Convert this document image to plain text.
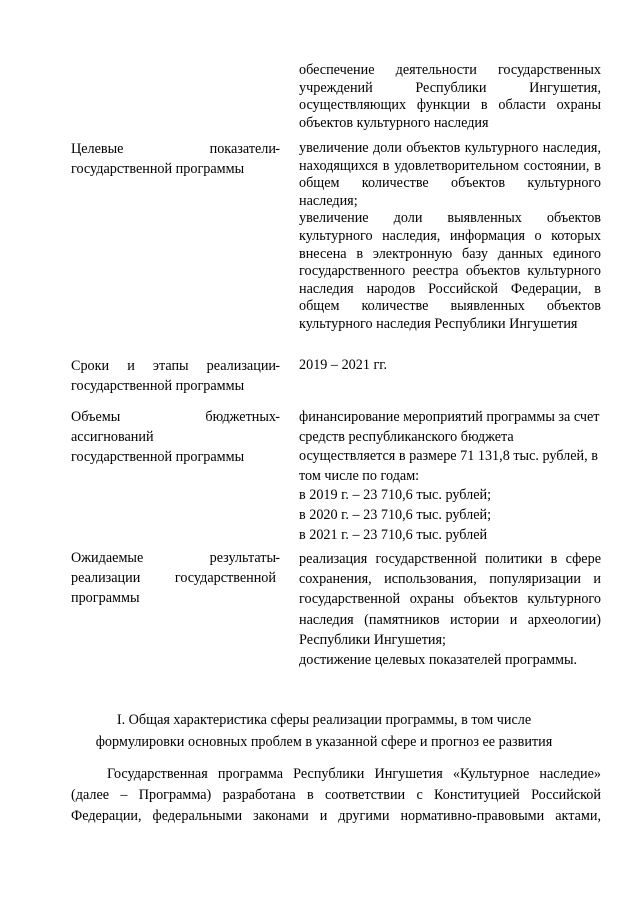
обеспечение деятельности государственных учреждений Республики Ингушетия, осуществляющих функции в области охраны объектов культурного наследия
Целевые показатели
государственной программы
- увеличение доли объектов культурного наследия, находящихся в удовлетворительном состоянии, в общем количестве объектов культурного наследия;
увеличение доли выявленных объектов культурного наследия, информация о которых внесена в электронную базу данных единого государственного реестра объектов культурного наследия народов Российской Федерации, в общем количестве выявленных объектов культурного наследия Республики Ингушетия
Сроки и этапы реализации
государственной программы
- 2019 – 2021 гг.
Объемы бюджетных
ассигнований
государственной программы
- финансирование мероприятий программы за счет средств республиканского бюджета осуществляется в размере 71 131,8 тыс. рублей, в том числе по годам:
в 2019 г. – 23 710,6 тыс. рублей;
в 2020 г. – 23 710,6 тыс. рублей;
в 2021 г. – 23 710,6 тыс. рублей
Ожидаемые результаты
реализации государственной
программы
- реализация государственной политики в сфере сохранения, использования, популяризации и государственной охраны объектов культурного наследия (памятников истории и археологии) Республики Ингушетия;
достижение целевых показателей программы.
I. Общая характеристика сферы реализации программы, в том числе формулировки основных проблем в указанной сфере и прогноз ее развития
Государственная программа Республики Ингушетия «Культурное наследие»
(далее – Программа) разработана в соответствии с Конституцией Российской
Федерации, федеральными законами и другими нормативно-правовыми актами,
